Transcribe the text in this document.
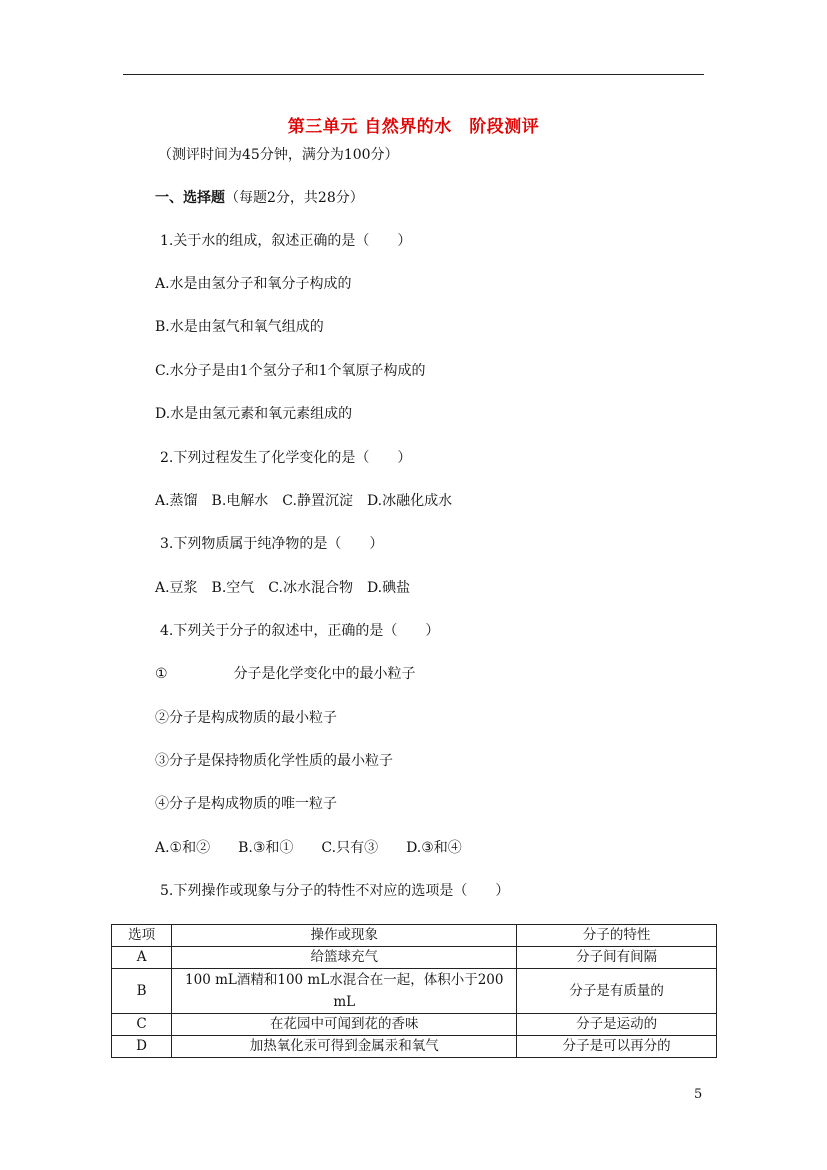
第三单元 自然界的水　阶段测评
（测评时间为45分钟，满分为100分）
一、选择题（每题2分，共28分）
1.关于水的组成，叙述正确的是（　　）
A.水是由氢分子和氧分子构成的
B.水是由氢气和氧气组成的
C.水分子是由1个氢分子和1个氧原子构成的
D.水是由氢元素和氧元素组成的
2.下列过程发生了化学变化的是（　　）
A.蒸馏　B.电解水　C.静置沉淀　D.冰融化成水
3.下列物质属于纯净物的是（　　）
A.豆浆　B.空气　C.冰水混合物　D.碘盐
4.下列关于分子的叙述中，正确的是（　　）
①	分子是化学变化中的最小粒子
②分子是构成物质的最小粒子
③分子是保持物质化学性质的最小粒子
④分子是构成物质的唯一粒子
A.①和②　　B.③和①　　C.只有③　　D.③和④
5.下列操作或现象与分子的特性不对应的选项是（　　）
选项	操作或现象	分子的特性
A	给篮球充气	分子间有间隔
B	100 mL酒精和100 mL水混合在一起，体积小于200 mL	分子是有质量的
C	在花园中可闻到花的香味	分子是运动的
D	加热氧化汞可得到金属汞和氧气	分子是可以再分的
5
